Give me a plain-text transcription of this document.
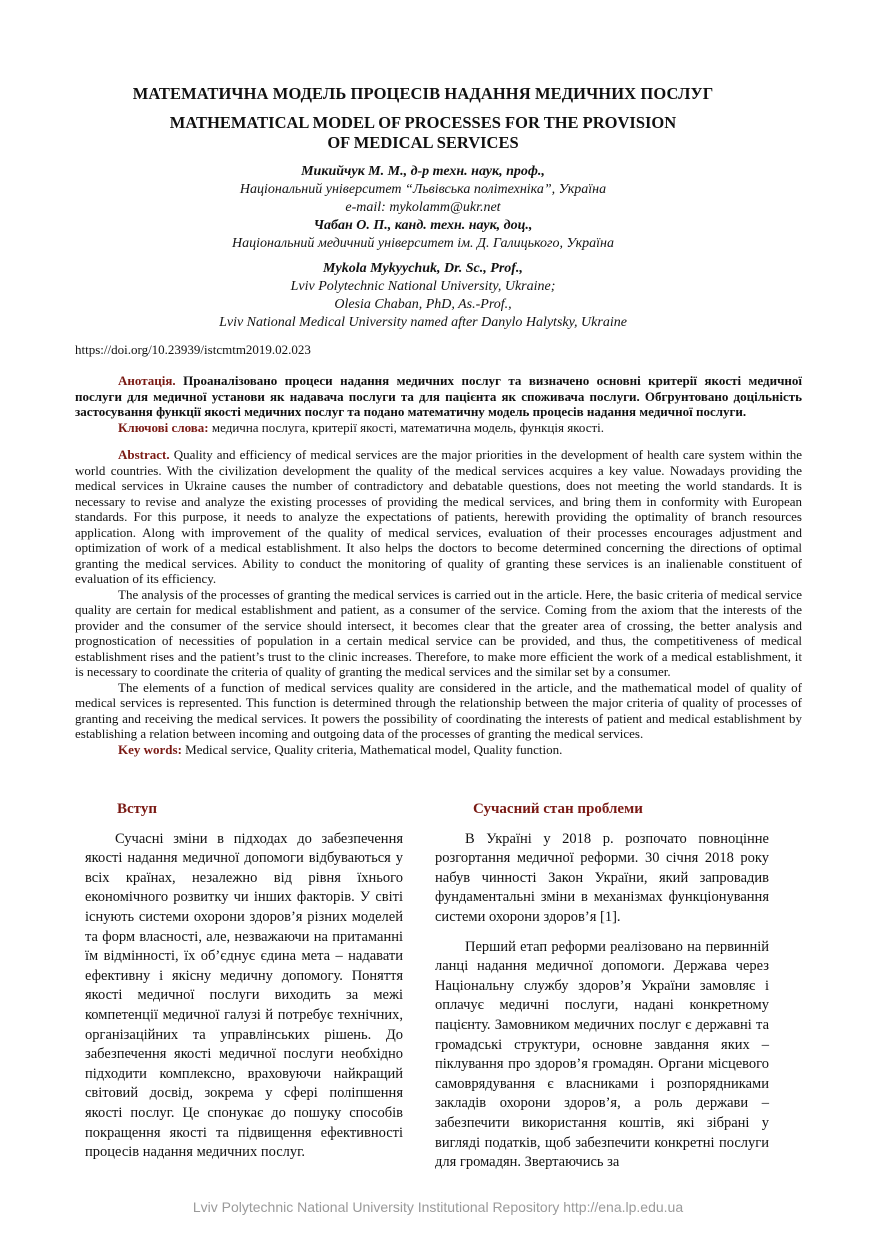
МАТЕМАТИЧНА МОДЕЛЬ ПРОЦЕСІВ НАДАННЯ МЕДИЧНИХ ПОСЛУГ
MATHEMATICAL MODEL OF PROCESSES FOR THE PROVISION
OF MEDICAL SERVICES
Микийчук М. М., д-р техн. наук, проф.,
Національний університет “Львівська політехніка”, Україна
e-mail: mykolamm@ukr.net
Чабан О. П., канд. техн. наук, доц.,
Національний медичний університет ім. Д. Галицького, Україна
Mykola Mykyychuk, Dr. Sc., Prof.,
Lviv Polytechnic National University, Ukraine;
Olesia Chaban, PhD, As.-Prof.,
Lviv National Medical University named after Danylo Halytsky, Ukraine
https://doi.org/10.23939/istcmtm2019.02.023
Анотація. Проаналізовано процеси надання медичних послуг та визначено основні критерії якості медичної послуги для медичної установи як надавача послуги та для пацієнта як споживача послуги. Обгрунтовано доцільність застосування функції якості медичних послуг та подано математичну модель процесів надання медичної послуги.
Ключові слова: медична послуга, критерії якості, математична модель, функція якості.

Abstract. Quality and efficiency of medical services are the major priorities in the development of health care system within the world countries. With the civilization development the quality of the medical services acquires a key value. Nowadays providing the medical services in Ukraine causes the number of contradictory and debatable questions, does not meeting the world standards. It is necessary to revise and analyze the existing processes of providing the medical services, and bring them in conformity with European standards. For this purpose, it needs to analyze the expectations of patients, herewith providing the optimality of branch resources application. Along with improvement of the quality of medical services, evaluation of their processes encourages adjustment and optimization of work of a medical establishment. It also helps the doctors to become determined concerning the directions of optimal granting the medical services. Ability to conduct the monitoring of quality of granting these services is an inalienable constituent of evaluation of its efficiency.

The analysis of the processes of granting the medical services is carried out in the article. Here, the basic criteria of medical service quality are certain for medical establishment and patient, as a consumer of the service. Coming from the axiom that the interests of the provider and the consumer of the service should intersect, it becomes clear that the greater area of crossing, the better analysis and prognostication of necessities of population in a certain medical service can be provided, and thus, the competitiveness of medical establishment rises and the patient’s trust to the clinic increases. Therefore, to make more efficient the work of a medical establishment, it is necessary to coordinate the criteria of quality of granting the medical services and the similar set by a consumer.

The elements of a function of medical services quality are considered in the article, and the mathematical model of quality of medical services is represented. This function is determined through the relationship between the major criteria of quality of processes of granting and receiving the medical services. It powers the possibility of coordinating the interests of patient and medical establishment by establishing a relation between incoming and outgoing data of the processes of granting the medical services.

Key words: Medical service, Quality criteria, Mathematical model, Quality function.

Вступ

Сучасні зміни в підходах до забезпечення якості надання медичної допомоги відбуваються у всіх країнах, незалежно від рівня їхнього економічного розвитку чи інших факторів. У світі існують системи охорони здоров’я різних моделей та форм власності, але, незважаючи на притаманні їм відмінності, їх об’єднує єдина мета – надавати ефективну і якісну медичну допомогу. Поняття якості медичної послуги виходить за межі компетенції медичної галузі й потребує технічних, організаційних та управлінських рішень. До забезпечення якості медичної послуги необхідно підходити комплексно, враховуючи найкращий світовий досвід, зокрема у сфері поліпшення якості послуг. Це спонукає до пошуку способів покращення якості та підвищення ефективності процесів надання медичних послуг.

Сучасний стан проблеми

В Україні у 2018 р. розпочато повноцінне розгортання медичної реформи. 30 січня 2018 року набув чинності Закон України, який запровадив фундаментальні зміни в механізмах функціонування системи охорони здоров’я [1].

Перший етап реформи реалізовано на первинній ланці надання медичної допомоги. Держава через Національну службу здоров’я України замовляє і оплачує медичні послуги, надані конкретному пацієнту. Замовником медичних послуг є державні та громадські структури, основне завдання яких – піклування про здоров’я громадян. Органи місцевого самоврядування є власниками і розпорядниками закладів охорони здоров’я, а роль держави – забезпечити використання коштів, які зібрані у вигляді податків, щоб забезпечити конкретні послуги для громадян. Звертаючись за

Lviv Polytechnic National University Institutional Repository http://ena.lp.edu.ua
